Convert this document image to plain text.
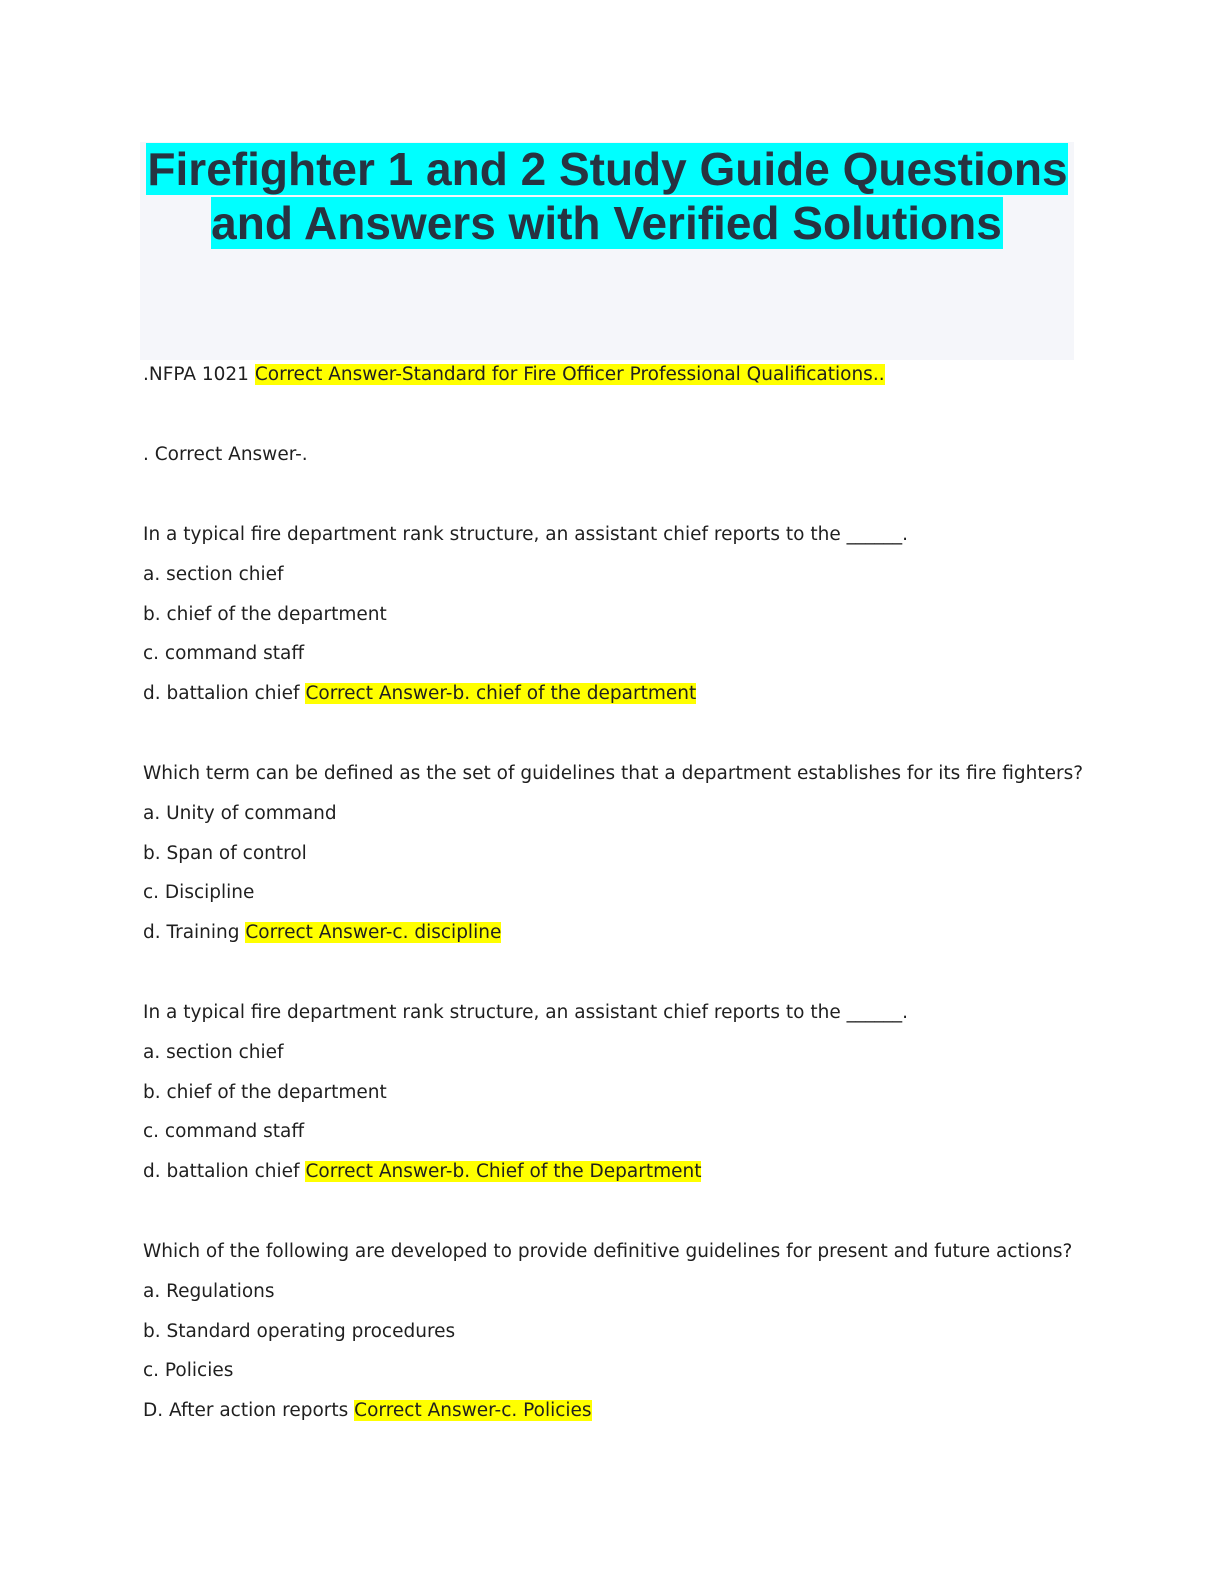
Firefighter 1 and 2 Study Guide Questions and Answers with Verified Solutions
.NFPA 1021 Correct Answer-Standard for Fire Officer Professional Qualifications..
. Correct Answer-.
In a typical fire department rank structure, an assistant chief reports to the ______.
a. section chief
b. chief of the department
c. command staff
d. battalion chief Correct Answer-b. chief of the department
Which term can be defined as the set of guidelines that a department establishes for its fire fighters?
a. Unity of command
b. Span of control
c. Discipline
d. Training Correct Answer-c. discipline
In a typical fire department rank structure, an assistant chief reports to the ______.
a. section chief
b. chief of the department
c. command staff
d. battalion chief Correct Answer-b. Chief of the Department
Which of the following are developed to provide definitive guidelines for present and future actions?
a. Regulations
b. Standard operating procedures
c. Policies
D. After action reports Correct Answer-c. Policies
